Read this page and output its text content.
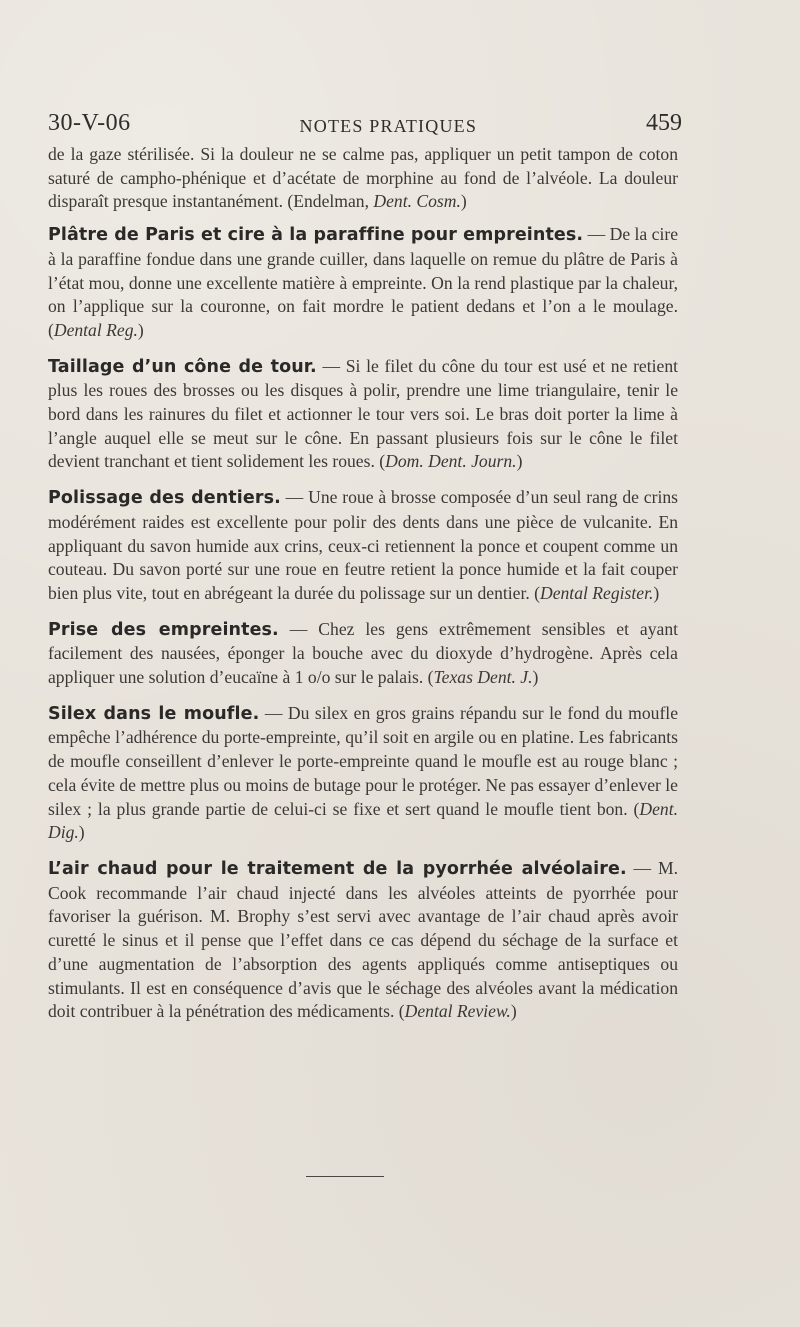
30-V-06	NOTES PRATIQUES	459

de la gaze stérilisée. Si la douleur ne se calme pas, appliquer un petit tampon de coton saturé de campho-phénique et d’acétate de morphine au fond de l’alvéole. La douleur disparaît presque instantanément. (Endelman, Dent. Cosm.)

Plâtre de Paris et cire à la paraffine pour empreintes. — De la cire à la paraffine fondue dans une grande cuiller, dans laquelle on remue du plâtre de Paris à l’état mou, donne une excellente matière à empreinte. On la rend plastique par la chaleur, on l’applique sur la couronne, on fait mordre le patient dedans et l’on a le moulage. (Dental Reg.)

Taillage d’un cône de tour. — Si le filet du cône du tour est usé et ne retient plus les roues des brosses ou les disques à polir, prendre une lime triangulaire, tenir le bord dans les rainures du filet et actionner le tour vers soi. Le bras doit porter la lime à l’angle auquel elle se meut sur le cône. En passant plusieurs fois sur le cône le filet devient tranchant et tient solidement les roues. (Dom. Dent. Journ.)

Polissage des dentiers. — Une roue à brosse composée d’un seul rang de crins modérément raides est excellente pour polir des dents dans une pièce de vulcanite. En appliquant du savon humide aux crins, ceux-ci retiennent la ponce et coupent comme un couteau. Du savon porté sur une roue en feutre retient la ponce humide et la fait couper bien plus vite, tout en abrégeant la durée du polissage sur un dentier. (Dental Register.)

Prise des empreintes. — Chez les gens extrêmement sensibles et ayant facilement des nausées, éponger la bouche avec du dioxyde d’hydrogène. Après cela appliquer une solution d’eucaïne à 1 o/o sur le palais. (Texas Dent. J.)

Silex dans le moufle. — Du silex en gros grains répandu sur le fond du moufle empêche l’adhérence du porte-empreinte, qu’il soit en argile ou en platine. Les fabricants de moufle conseillent d’enlever le porte-empreinte quand le moufle est au rouge blanc ; cela évite de mettre plus ou moins de butage pour le protéger. Ne pas essayer d’enlever le silex ; la plus grande partie de celui-ci se fixe et sert quand le moufle tient bon. (Dent. Dig.)

L’air chaud pour le traitement de la pyorrhée alvéolaire. — M. Cook recommande l’air chaud injecté dans les alvéoles atteints de pyorrhée pour favoriser la guérison. M. Brophy s’est servi avec avantage de l’air chaud après avoir curetté le sinus et il pense que l’effet dans ce cas dépend du séchage de la surface et d’une augmentation de l’absorption des agents appliqués comme antiseptiques ou stimulants. Il est en conséquence d’avis que le séchage des alvéoles avant la médication doit contribuer à la pénétration des médicaments. (Dental Review.)
